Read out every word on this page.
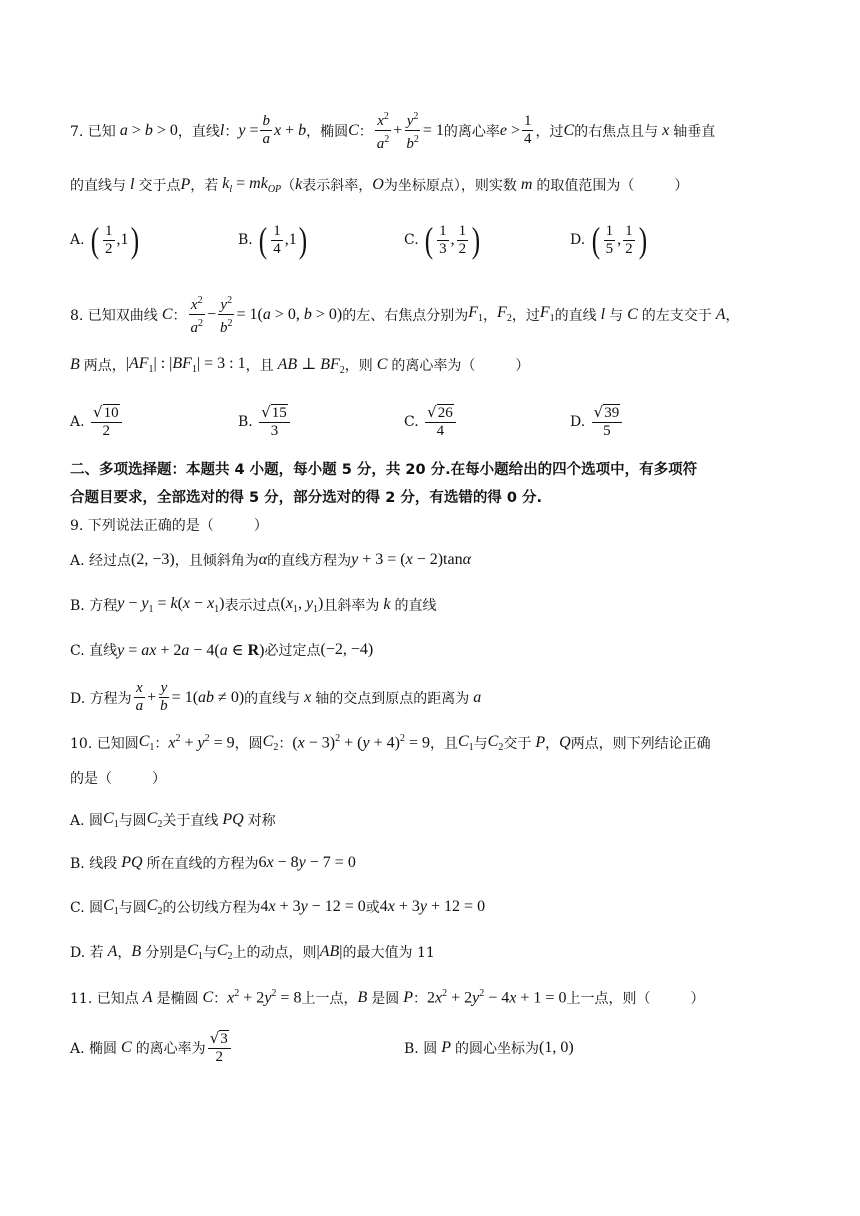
7. 已知 a > b > 0 ，直线 l ： $y = \frac{b}{a}$ x + b ，椭圆 C ： $\frac{x^2}{a^2} + \frac{y^2}{b^2} = 1$ 的离心率 $e > \frac{1}{4}$ ，过 C 的右焦点且与 x 轴垂直
的直线与 l 交于点 P ，若 $k_l = mk_{OP}$ （ k 表示斜率， O 为坐标原点），则实数 m 的取值范围为（	）
A.
( $\frac{1}{2} ,1$ )	B.
( $\frac{1}{4} ,1$ )	C.
( $\frac{1}{3}$ , $\frac{1}{2}$ )	D.
( $\frac{1}{5}$ , $\frac{1}{2}$ )
8. 已知双曲线 C ： $\frac{x^2}{a^2} - \frac{y^2}{b^2} = 1(a > 0$, b > 0) 的左、右焦点分别为 $F_1$ ， $F_2$ ，过 $F_1$ 的直线 l 与 C 的左支交于 A ，
B 两点， $|AF_1|$ : $|BF_1| = 3$ : 1 ，且 AB ⊥ $BF_2$ ，则 C 的离心率为（	）
A.
$\frac{√10}{2}$	B.
$\frac{√15}{3}$	C.
$\frac{√26}{4}$	D.
$\frac{√39}{5}$
二、多项选择题：本题共 4 小题，每小题 5 分，共 20 分.在每小题给出的四个选项中，有多项符
合题目要求，全部选对的得 5 分，部分选对的得 2 分，有选错的得 0 分.
9. 下列说法正确的是（	）
A. 经过点 (2, −3) ，且倾斜角为 α 的直线方程为 y + 3 = (x − 2)tanα
B. 方程 $y - y_1 = k(x - x_1)$ 表示过点 ($x_1$, $y_1$) 且斜率为 k 的直线
C. 直线 y = ax + 2a − 4(a ∈ R) 必过定点 (−2, −4)
D. 方程为 $\frac{x}{a} + \frac{y}{b} = 1(ab \ne 0)$ 的直线与 x 轴的交点到原点的距离为 a
10. 已知圆 $C_1$ ： $x^2 + y^2 = 9$ ，圆 $C_2$ ： $(x - 3)^2 + (y + 4)^2 = 9$ ，且 $C_1$ 与 $C_2$ 交于 P ， Q 两点，则下列结论正确
的是（	）
A. 圆 $C_1$ 与圆 $C_2$ 关于直线 PQ 对称
B. 线段 PQ 所在直线的方程为 6x − 8y − 7 = 0
C. 圆 $C_1$ 与圆 $C_2$ 的公切线方程为 4x + 3y − 12 = 0 或 4x + 3y + 12 = 0
D. 若 A ， B 分别是 $C_1$ 与 $C_2$ 上的动点，则 |AB| 的最大值为 11
11. 已知点 A 是椭圆 C ： $x^2 + 2y^2 = 8$ 上一点， B 是圆 P ： $2x^2 + 2y^2 - 4x + 1 = 0$ 上一点，则（	）
A. 椭圆 C 的离心率为 $\frac{√3}{2}$	B. 圆 P 的圆心坐标为 (1, 0)
